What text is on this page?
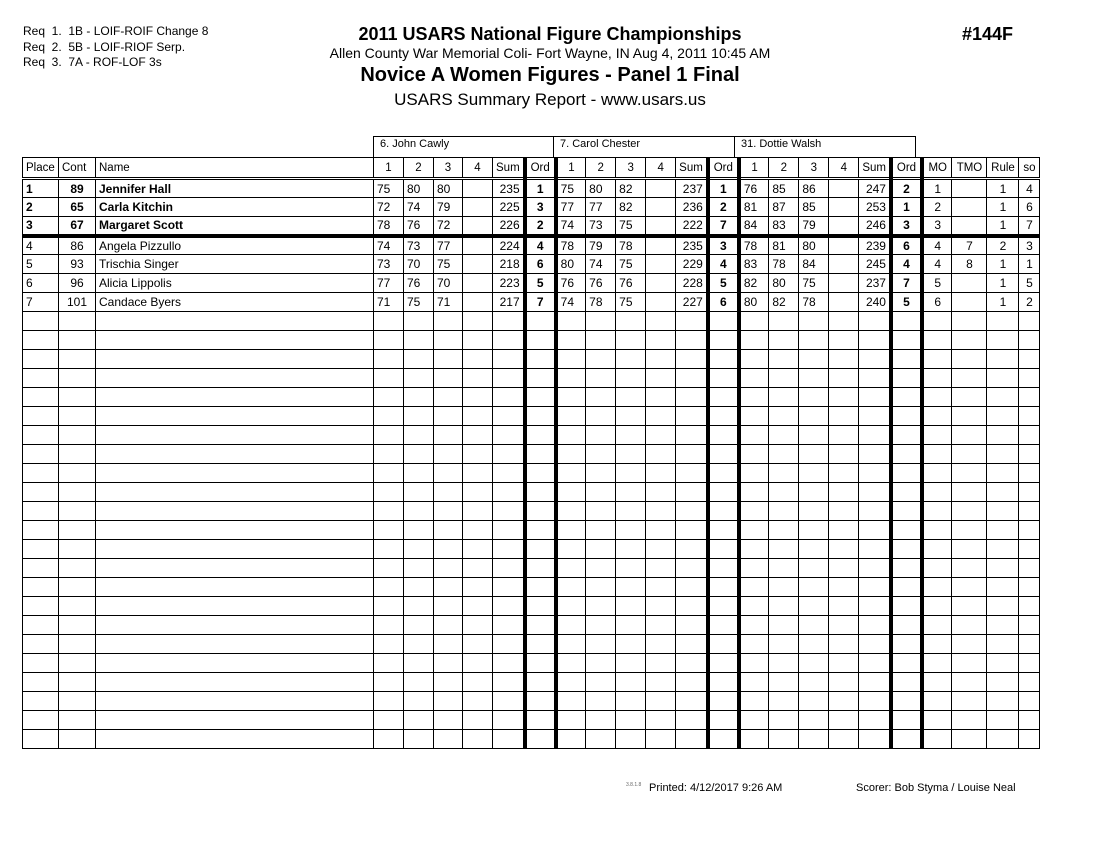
Req  1.  1B - LOIF-ROIF Change 8
Req  2.  5B - LOIF-RIOF Serp.
Req  3.  7A - ROF-LOF 3s
2011 USARS National Figure Championships
Allen County War Memorial Coli- Fort Wayne, IN Aug 4, 2011 10:45 AM
Novice A Women Figures - Panel 1 Final
USARS Summary Report - www.usars.us
#144F
6. John Cawly	7. Carol Chester	31. Dottie Walsh
Place	Cont	Name	1	2	3	4	Sum	Ord	1	2	3	4	Sum	Ord	1	2	3	4	Sum	Ord	MO	TMO	Rule	so
1	89	Jennifer Hall	75	80	80		235	1	75	80	82		237	1	76	85	86		247	2	1		1	4
2	65	Carla Kitchin	72	74	79		225	3	77	77	82		236	2	81	87	85		253	1	2		1	6
3	67	Margaret Scott	78	76	72		226	2	74	73	75		222	7	84	83	79		246	3	3		1	7
4	86	Angela Pizzullo	74	73	77		224	4	78	79	78		235	3	78	81	80		239	6	4	7	2	3
5	93	Trischia Singer	73	70	75		218	6	80	74	75		229	4	83	78	84		245	4	4	8	1	1
6	96	Alicia Lippolis	77	76	70		223	5	76	76	76		228	5	82	80	75		237	7	5		1	5
7	101	Candace Byers	71	75	71		217	7	74	78	75		227	6	80	82	78		240	5	6		1	2

3.8.1.8 Printed: 4/12/2017 9:26 AM	Scorer: Bob Styma / Louise Neal
